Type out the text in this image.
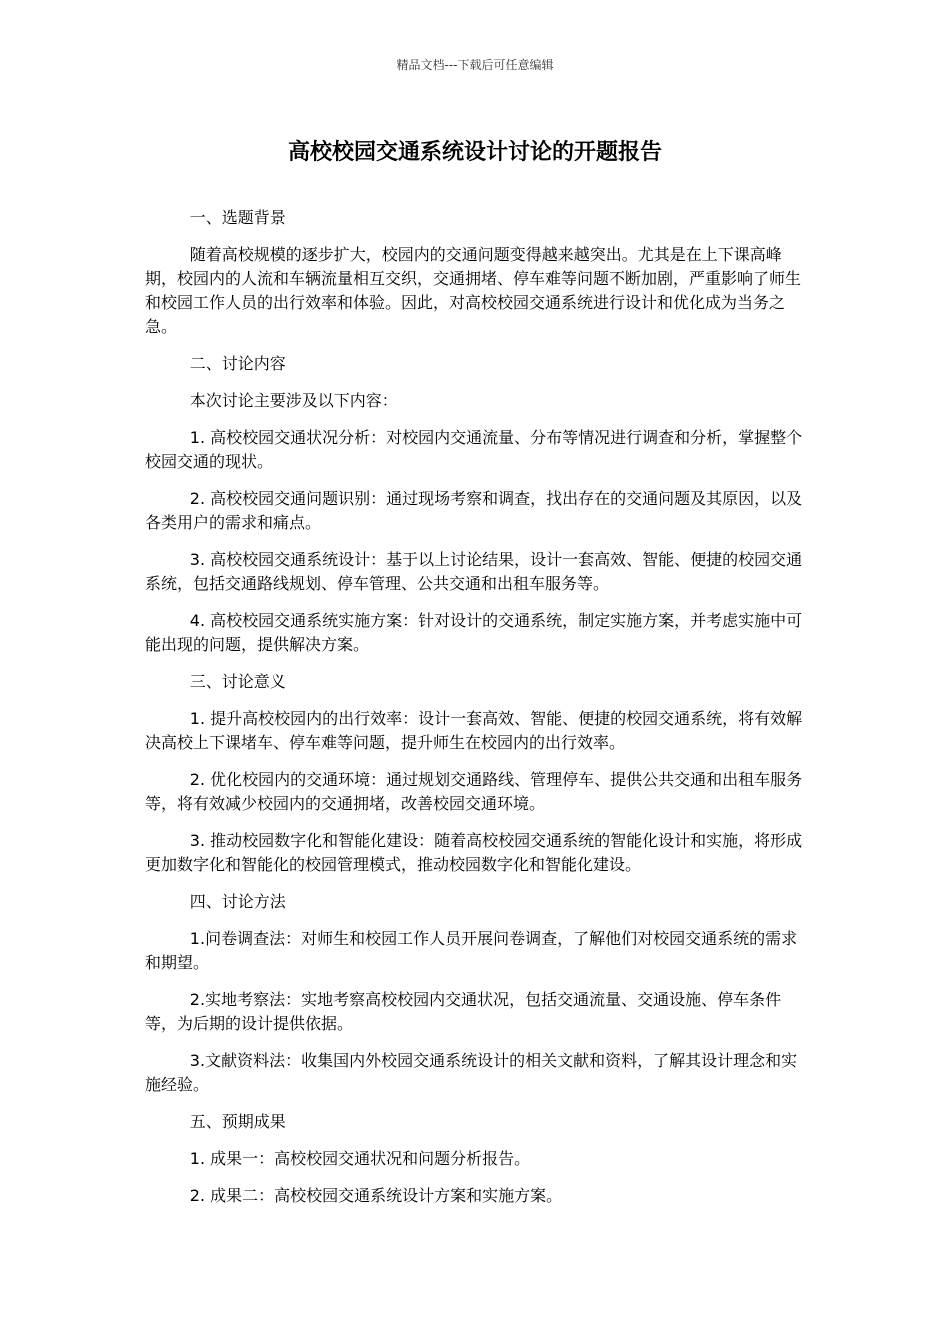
精品文档---下载后可任意编辑
高校校园交通系统设计讨论的开题报告

一、选题背景

随着高校规模的逐步扩大，校园内的交通问题变得越来越突出。尤其是在上下课高峰期，校园内的人流和车辆流量相互交织，交通拥堵、停车难等问题不断加剧，严重影响了师生和校园工作人员的出行效率和体验。因此，对高校校园交通系统进行设计和优化成为当务之急。

二、讨论内容

本次讨论主要涉及以下内容：

1. 高校校园交通状况分析：对校园内交通流量、分布等情况进行调查和分析，掌握整个校园交通的现状。

2. 高校校园交通问题识别：通过现场考察和调查，找出存在的交通问题及其原因，以及各类用户的需求和痛点。

3. 高校校园交通系统设计：基于以上讨论结果，设计一套高效、智能、便捷的校园交通系统，包括交通路线规划、停车管理、公共交通和出租车服务等。

4. 高校校园交通系统实施方案：针对设计的交通系统，制定实施方案，并考虑实施中可能出现的问题，提供解决方案。

三、讨论意义

1. 提升高校校园内的出行效率：设计一套高效、智能、便捷的校园交通系统，将有效解决高校上下课堵车、停车难等问题，提升师生在校园内的出行效率。

2. 优化校园内的交通环境：通过规划交通路线、管理停车、提供公共交通和出租车服务等，将有效减少校园内的交通拥堵，改善校园交通环境。

3. 推动校园数字化和智能化建设：随着高校校园交通系统的智能化设计和实施，将形成更加数字化和智能化的校园管理模式，推动校园数字化和智能化建设。

四、讨论方法

1.问卷调查法：对师生和校园工作人员开展问卷调查，了解他们对校园交通系统的需求和期望。

2.实地考察法：实地考察高校校园内交通状况，包括交通流量、交通设施、停车条件等，为后期的设计提供依据。

3.文献资料法：收集国内外校园交通系统设计的相关文献和资料，了解其设计理念和实施经验。

五、预期成果

1. 成果一：高校校园交通状况和问题分析报告。

2. 成果二：高校校园交通系统设计方案和实施方案。
